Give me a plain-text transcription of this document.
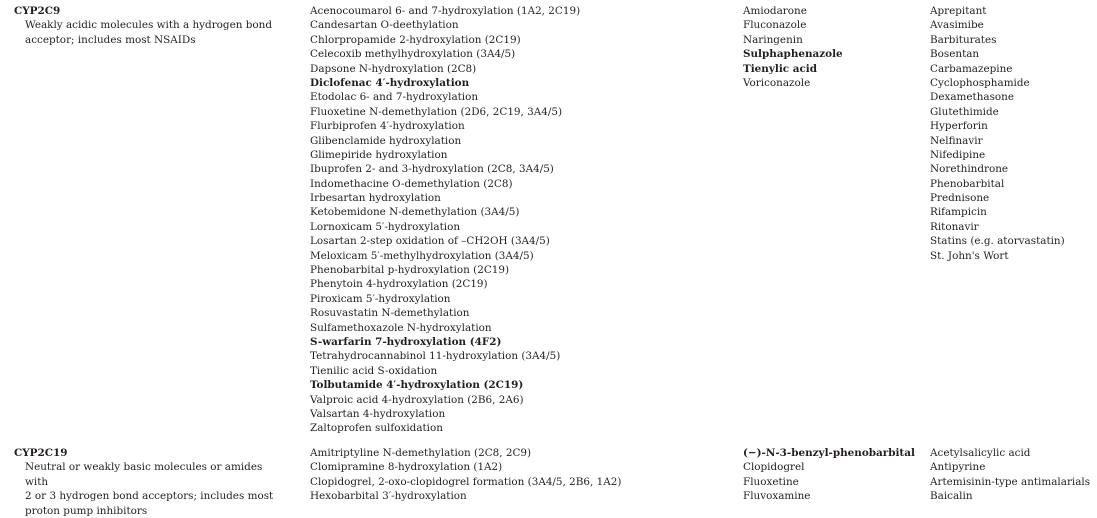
CYP2C9
Weakly acidic molecules with a hydrogen bond
acceptor; includes most NSAIDs
Acenocoumarol 6- and 7-hydroxylation (1A2, 2C19)
Candesartan O-deethylation
Chlorpropamide 2-hydroxylation (2C19)
Celecoxib methylhydroxylation (3A4/5)
Dapsone N-hydroxylation (2C8)
Diclofenac 4′-hydroxylation
Etodolac 6- and 7-hydroxylation
Fluoxetine N-demethylation (2D6, 2C19, 3A4/5)
Flurbiprofen 4′-hydroxylation
Glibenclamide hydroxylation
Glimepiride hydroxylation
Ibuprofen 2- and 3-hydroxylation (2C8, 3A4/5)
Indomethacine O-demethylation (2C8)
Irbesartan hydroxylation
Ketobemidone N-demethylation (3A4/5)
Lornoxicam 5′-hydroxylation
Losartan 2-step oxidation of –CH2OH (3A4/5)
Meloxicam 5′-methylhydroxylation (3A4/5)
Phenobarbital p-hydroxylation (2C19)
Phenytoin 4-hydroxylation (2C19)
Piroxicam 5′-hydroxylation
Rosuvastatin N-demethylation
Sulfamethoxazole N-hydroxylation
S-warfarin 7-hydroxylation (4F2)
Tetrahydrocannabinol 11-hydroxylation (3A4/5)
Tienilic acid S-oxidation
Tolbutamide 4′-hydroxylation (2C19)
Valproic acid 4-hydroxylation (2B6, 2A6)
Valsartan 4-hydroxylation
Zaltoprofen sulfoxidation
Amiodarone
Fluconazole
Naringenin
Sulphaphenazole
Tienylic acid
Voriconazole
Aprepitant
Avasimibe
Barbiturates
Bosentan
Carbamazepine
Cyclophosphamide
Dexamethasone
Glutethimide
Hyperforin
Nelfinavir
Nifedipine
Norethindrone
Phenobarbital
Prednisone
Rifampicin
Ritonavir
Statins (e.g. atorvastatin)
St. John's Wort
CYP2C19
Neutral or weakly basic molecules or amides with
2 or 3 hydrogen bond acceptors; includes most
proton pump inhibitors
Amitriptyline N-demethylation (2C8, 2C9)
Clomipramine 8-hydroxylation (1A2)
Clopidogrel, 2-oxo-clopidogrel formation (3A4/5, 2B6, 1A2)
Hexobarbital 3′-hydroxylation
(−)-N-3-benzyl-phenobarbital
Clopidogrel
Fluoxetine
Fluvoxamine
Acetylsalicylic acid
Antipyrine
Artemisinin-type antimalarials
Baicalin
